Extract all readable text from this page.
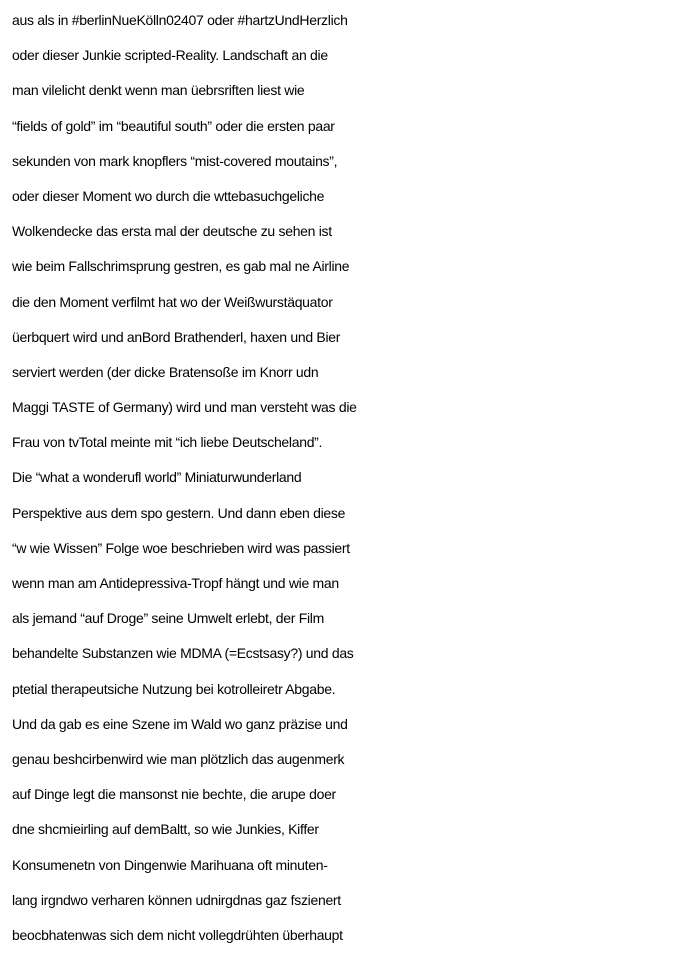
aus als in #berlinNueKölln02407 oder #hartzUndHerzlich
oder dieser Junkie scripted-Reality. Landschaft an die
man vilelicht denkt wenn man üebrsriften liest wie
“fields of gold” im “beautiful south” oder die ersten paar
sekunden von mark knopflers “mist-covered moutains”,
oder dieser Moment wo durch die wttebasuchgeliche
Wolkendecke das ersta mal der deutsche zu sehen ist
wie beim Fallschrimsprung gestren, es gab mal ne Airline
die den Moment verfilmt hat wo der Weißwurstäquator
üerbquert wird und anBord Brathenderl, haxen und Bier
serviert werden (der dicke Bratensoße im Knorr udn
Maggi TASTE of Germany) wird und man versteht was die
Frau von tvTotal meinte mit “ich liebe Deutscheland”.
Die “what a wonderufl world” Miniaturwunderland
Perspektive aus dem spo gestern. Und dann eben diese
“w wie Wissen” Folge woe beschrieben wird was passiert
wenn man am Antidepressiva-Tropf hängt und wie man
als jemand “auf Droge” seine Umwelt erlebt, der Film
behandelte Substanzen wie MDMA (=Ecstsasy?) und das
ptetial therapeutsiche Nutzung bei kotrolleiretr Abgabe.
Und da gab es eine Szene im Wald wo ganz präzise und
genau beshcirbenwird wie man plötzlich das augenmerk
auf Dinge legt die mansonst nie bechte, die arupe doer
dne shcmieirling auf demBaltt, so wie Junkies, Kiffer
Konsumenetn von Dingenwie Marihuana oft minuten-
lang irgndwo verharen können udnirgdnas gaz fszienert
beocbhatenwas sich dem nicht vollegdrühten überhaupt
